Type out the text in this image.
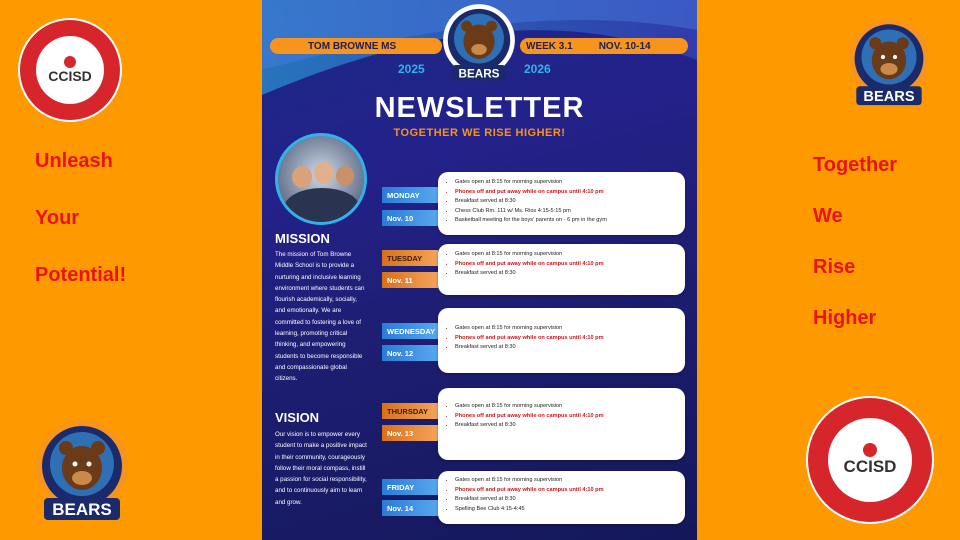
CCISD
Unleash
Your
Potential!
BEARS
BEARS
Together
We
Rise
Higher
CCISD
TOM BROWNE MS	WEEK 3.1	NOV. 10-14
BEARS
2025	2026
NEWSLETTER
TOGETHER WE RISE HIGHER!
MISSION
The mission of Tom Browne Middle School is to provide a nurturing and inclusive learning environment where students can flourish academically, socially, and emotionally. We are committed to fostering a love of learning, promoting critical thinking, and empowering students to become responsible and compassionate global citizens.
VISION
Our vision is to empower every student to make a positive impact in their community, courageously follow their moral compass, instill a passion for social responsibility, and to continuously aim to learn and grow.
MONDAY
Nov. 10
• Gates open at 8:15 for morning supervision
• Phones off and put away while on campus until 4:10 pm
• Breakfast served at 8:30
• Chess Club Rm. 111 w/ Ms. Rios 4:15-5:15 pm
• Basketball meeting for the boys' parents on - 6 pm in the gym
TUESDAY
Nov. 11
• Gates open at 8:15 for morning supervision
• Phones off and put away while on campus until 4:10 pm
• Breakfast served at 8:30
WEDNESDAY
Nov. 12
• Gates open at 8:15 for morning supervision
• Phones off and put away while on campus until 4:10 pm
• Breakfast served at 8:30
THURSDAY
Nov. 13
• Gates open at 8:15 for morning supervision
• Phones off and put away while on campus until 4:10 pm
• Breakfast served at 8:30
FRIDAY
Nov. 14
• Gates open at 8:15 for morning supervision
• Phones off and put away while on campus until 4:10 pm
• Breakfast served at 8:30
• Spelling Bee Club 4:15-4:45
